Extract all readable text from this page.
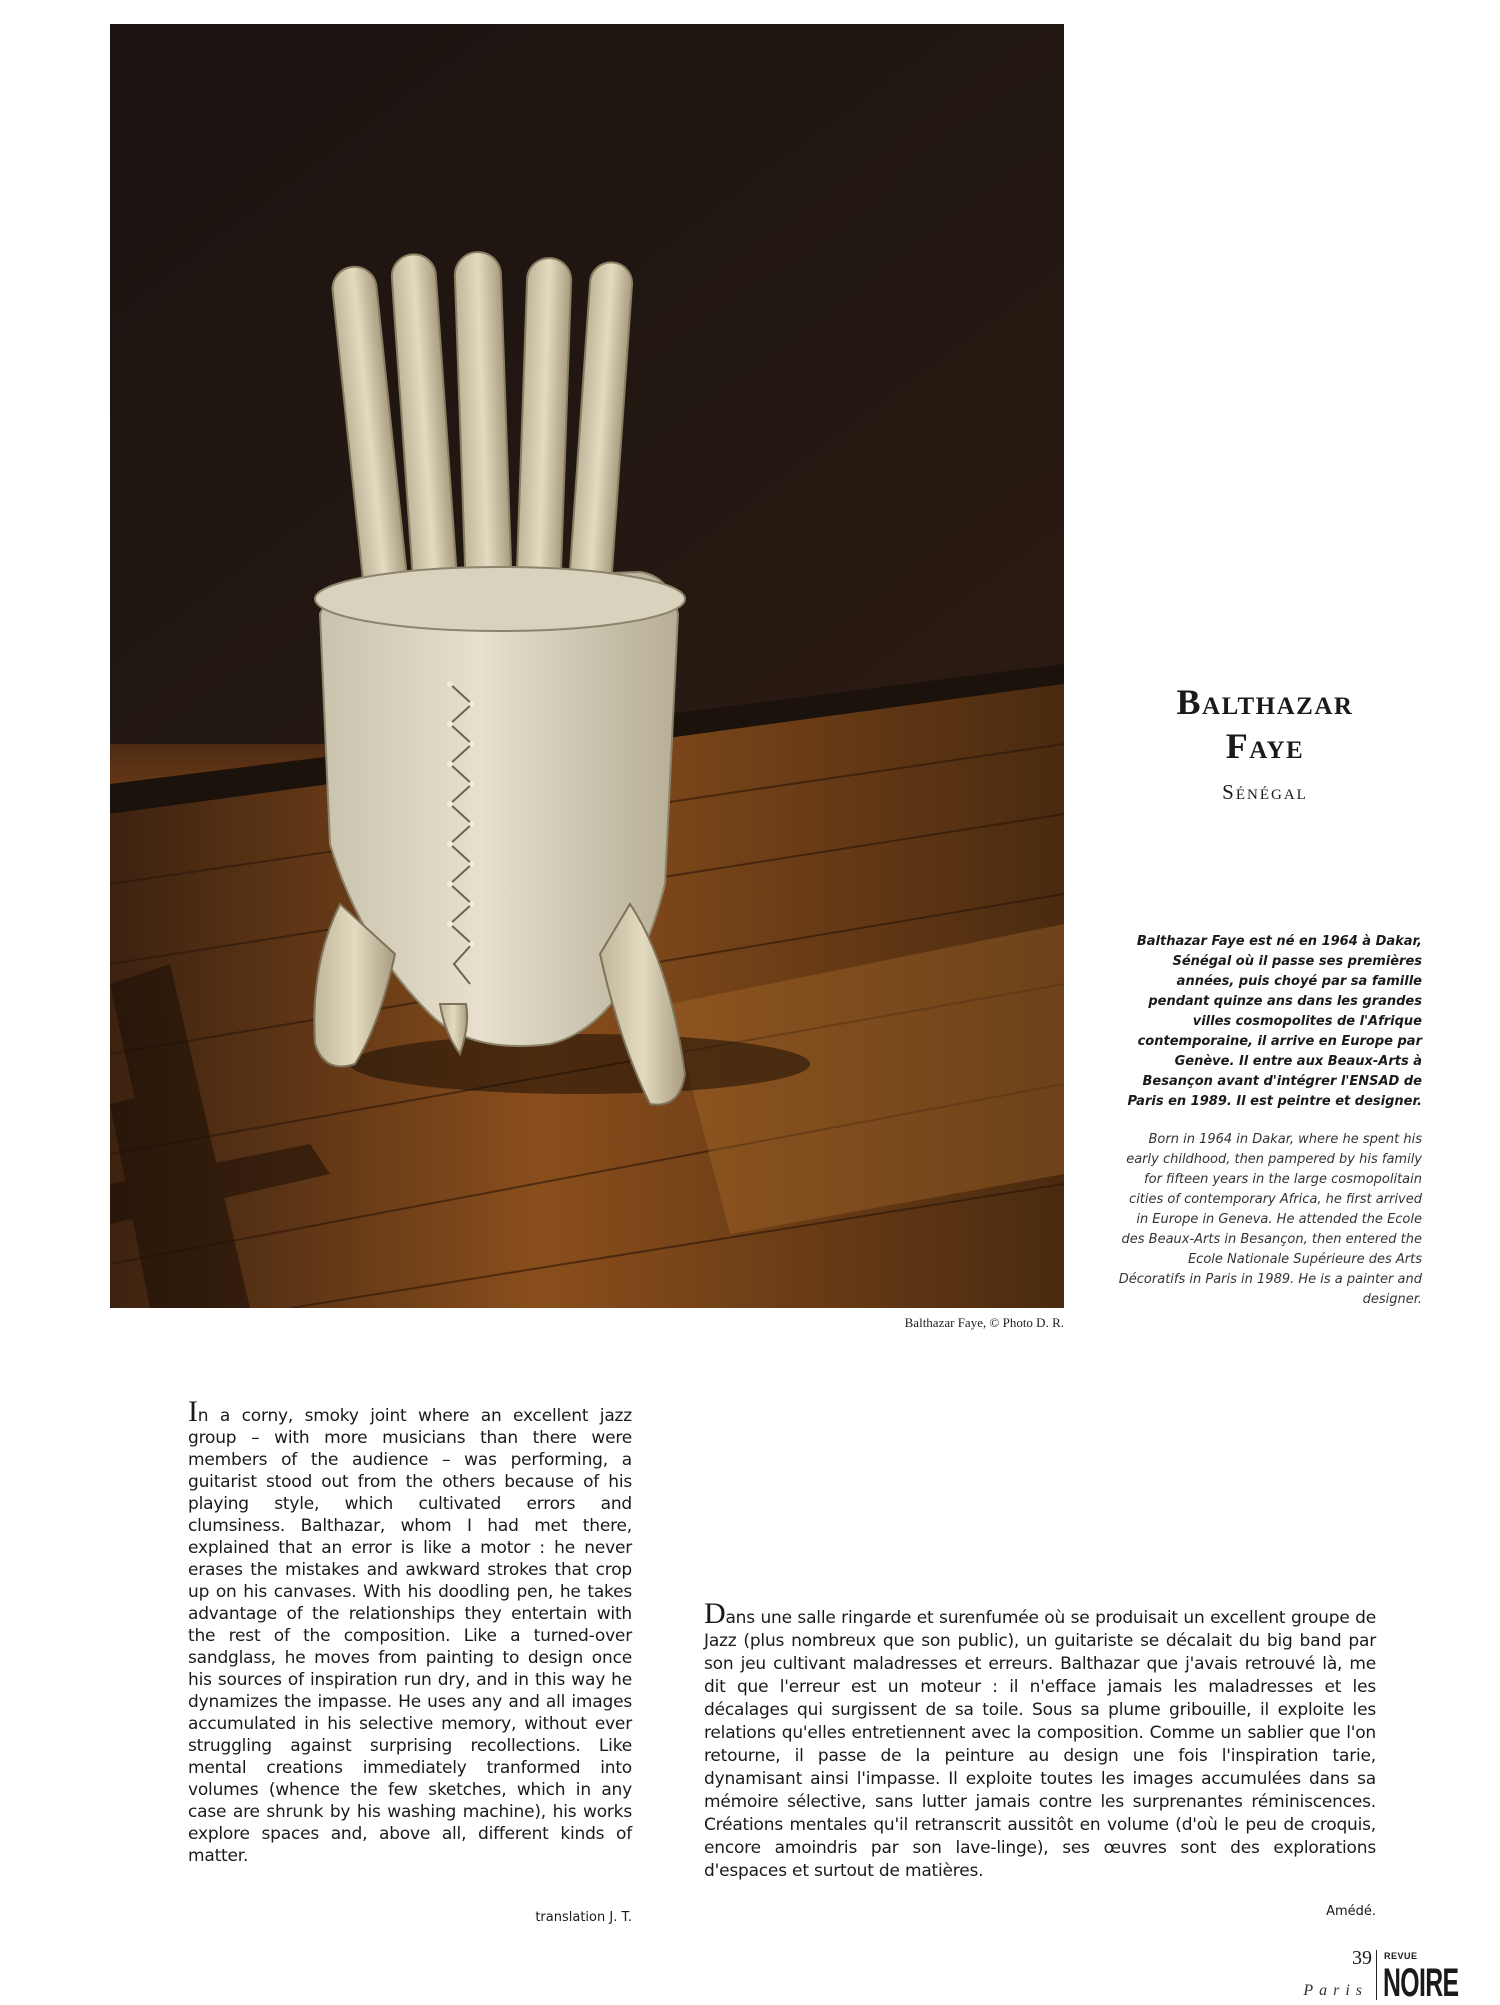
Balthazar Faye, © Photo D. R.
Balthazar
Faye
Sénégal
Balthazar Faye est né en 1964 à Dakar, Sénégal où il passe ses premières années, puis choyé par sa famille pendant quinze ans dans les grandes villes cosmopolites de l'Afrique contemporaine, il arrive en Europe par Genève. Il entre aux Beaux-Arts à Besançon avant d'intégrer l'ENSAD de Paris en 1989. Il est peintre et designer.
Born in 1964 in Dakar, where he spent his early childhood, then pampered by his family for fifteen years in the large cosmopolitain cities of contemporary Africa, he first arrived in Europe in Geneva. He attended the Ecole des Beaux-Arts in Besançon, then entered the Ecole Nationale Supérieure des Arts Décoratifs in Paris in 1989. He is a painter and designer.
In a corny, smoky joint where an excellent jazz group – with more musicians than there were members of the audience – was performing, a guitarist stood out from the others because of his playing style, which cultivated errors and clumsiness. Balthazar, whom I had met there, explained that an error is like a motor : he never erases the mistakes and awkward strokes that crop up on his canvases. With his doodling pen, he takes advantage of the relationships they entertain with the rest of the composition. Like a turned-over sandglass, he moves from painting to design once his sources of inspiration run dry, and in this way he dynamizes the impasse. He uses any and all images accumulated in his selective memory, without ever struggling against surprising recollections. Like mental creations immediately tranformed into volumes (whence the few sketches, which in any case are shrunk by his washing machine), his works explore spaces and, above all, different kinds of matter.
translation J. T.
Dans une salle ringarde et surenfumée où se produisait un excellent groupe de Jazz (plus nombreux que son public), un guitariste se décalait du big band par son jeu cultivant maladresses et erreurs. Balthazar que j'avais retrouvé là, me dit que l'erreur est un moteur : il n'efface jamais les maladresses et les décalages qui surgissent de sa toile. Sous sa plume gribouille, il exploite les relations qu'elles entretiennent avec la composition. Comme un sablier que l'on retourne, il passe de la peinture au design une fois l'inspiration tarie, dynamisant ainsi l'impasse. Il exploite toutes les images accumulées dans sa mémoire sélective, sans lutter jamais contre les surprenantes réminiscences. Créations mentales qu'il retranscrit aussitôt en volume (d'où le peu de croquis, encore amoindris par son lave-linge), ses œuvres sont des explorations d'espaces et surtout de matières.
Amédé.
39
Paris
REVUE
NOIRE
